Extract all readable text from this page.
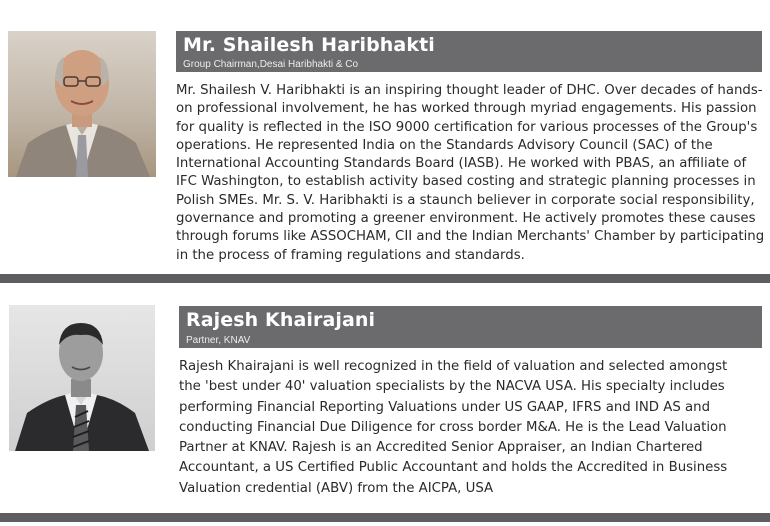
Mr. Shailesh Haribhakti
Group Chairman,Desai Haribhakti & Co
Mr. Shailesh V. Haribhakti is an inspiring thought leader of DHC. Over decades of hands-on professional involvement, he has worked through myriad engagements. His passion for quality is reflected in the ISO 9000 certification for various processes of the Group's operations. He represented India on the Standards Advisory Council (SAC) of the International Accounting Standards Board (IASB). He worked with PBAS, an affiliate of IFC Washington, to establish activity based costing and strategic planning processes in Polish SMEs. Mr. S. V. Haribhakti is a staunch believer in corporate social responsibility, governance and promoting a greener environment. He actively promotes these causes through forums like ASSOCHAM, CII and the Indian Merchants' Chamber by participating in the process of framing regulations and standards.
Rajesh Khairajani
Partner, KNAV
Rajesh Khairajani is well recognized in the field of valuation and selected amongst the 'best under 40' valuation specialists by the NACVA USA. His specialty includes performing Financial Reporting Valuations under US GAAP, IFRS and IND AS and conducting Financial Due Diligence for cross border M&A. He is the Lead Valuation Partner at KNAV. Rajesh is an Accredited Senior Appraiser, an Indian Chartered Accountant, a US Certified Public Accountant and holds the Accredited in Business Valuation credential (ABV) from the AICPA, USA
